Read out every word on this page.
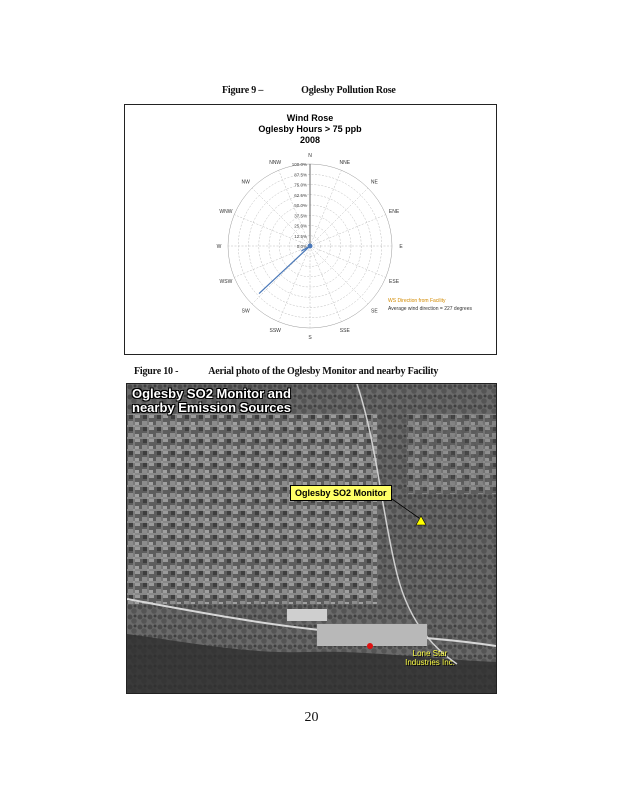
Figure 9 –	Oglesby Pollution Rose
Wind Rose
Oglesby Hours > 75 ppb
2008
N
NNE
NE
ENE
E
ESE
SE
SSE
S
SSW
SW
WSW
W
WNW
NW
NNW
0.0%
12.5%
25.0%
37.5%
50.0%
62.5%
75.0%
87.5%
100.0%
WS Direction from Facility
Average wind direction = 227 degrees
Figure 10 -	Aerial photo of the Oglesby Monitor and nearby Facility
Oglesby SO2 Monitor and nearby Emission Sources
Oglesby SO2 Monitor
Lone Star Industries Inc.
20
